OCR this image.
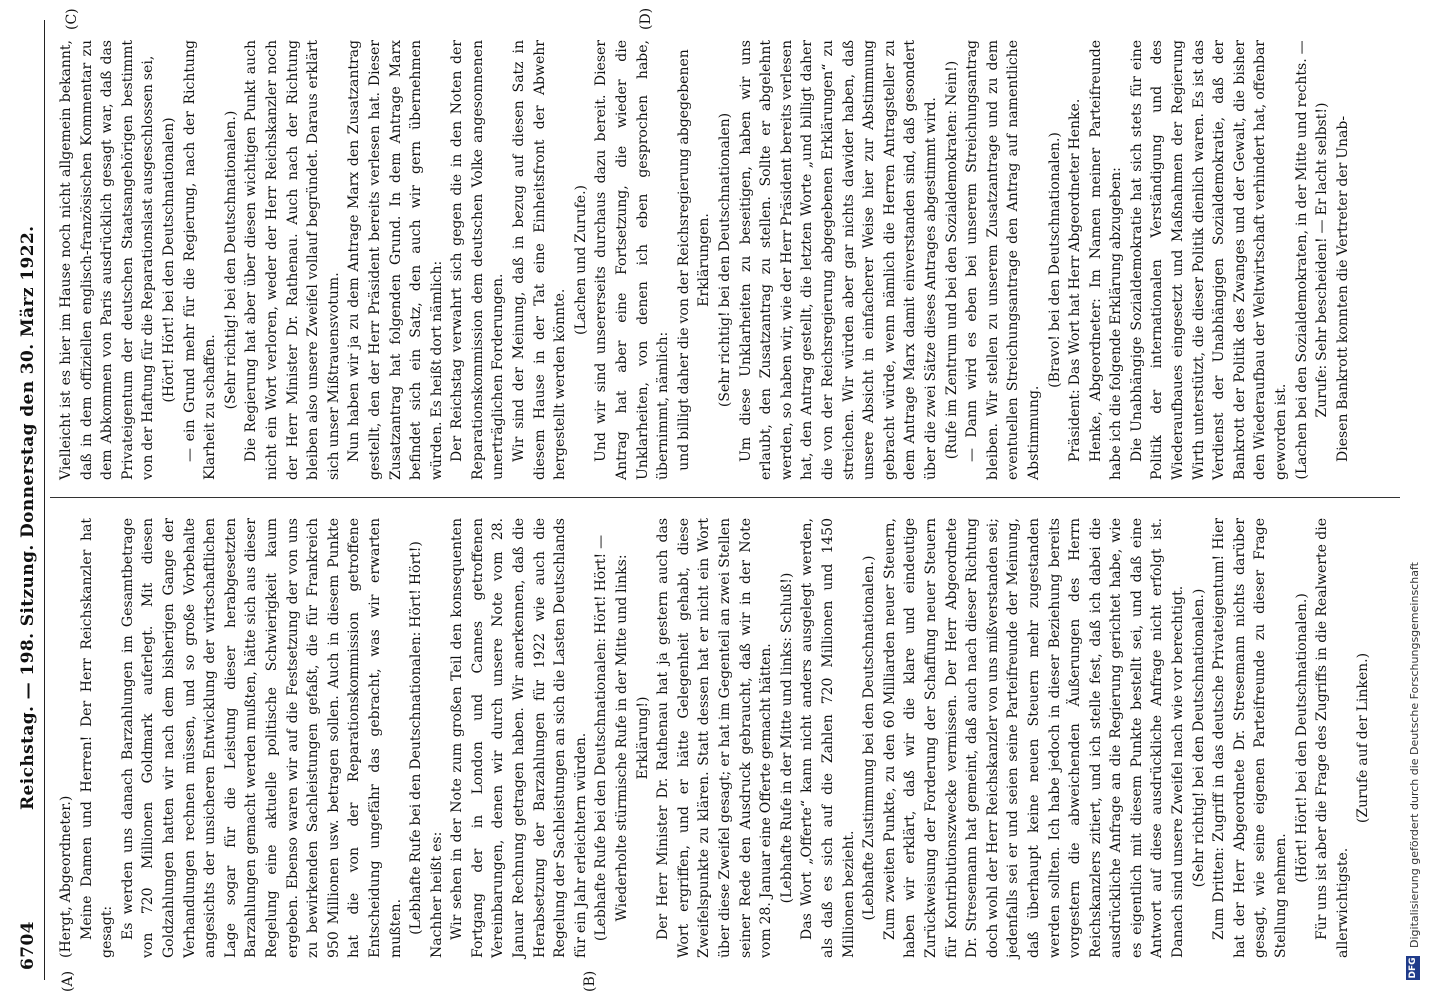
6704
Reichstag. — 198. Sitzung. Donnerstag den 30. März 1922.
(A)	(B)
(C)	(D)

(Hergt, Abgeordneter.) Meine Damen und Herren! Der Herr Reichskanzler hat gesagt: Es werden uns danach Barzahlungen im Gesamtbetrage von 720 Millionen Goldmark auferlegt. Mit diesen Goldzahlungen hatten wir nach dem bisherigen Gange der Verhandlungen rechnen müssen, und so große Vorbehalte angesichts der unsicheren Entwicklung der wirtschaftlichen Lage sogar für die Leistung dieser herabgesetzten Barzahlungen gemacht werden mußten, hätte sich aus dieser Regelung eine aktuelle politische Schwierigkeit kaum ergeben. Ebenso waren wir auf die Festsetzung der von uns zu bewirkenden Sachleistungen gefaßt, die für Frankreich 950 Millionen usw. betragen sollen. Auch in diesem Punkte hat die von der Reparationskommission getroffene Entscheidung ungefähr das gebracht, was wir erwarten mußten. (Lebhafte Rufe bei den Deutschnationalen: Hört! Hört!) Nachher heißt es: Wir sehen in der Note zum großen Teil den konsequenten Fortgang der in London und Cannes getroffenen Vereinbarungen, denen wir durch unsere Note vom 28. Januar Rechnung getragen haben. Wir anerkennen, daß die Herabsetzung der Barzahlungen für 1922 wie auch die Regelung der Sachleistungen an sich die Lasten Deutschlands für ein Jahr erleichtern würden. (Lebhafte Rufe bei den Deutschnationalen: Hört! Hört! — Wiederholte stürmische Rufe in der Mitte und links: Erklärung!) Der Herr Minister Dr. Rathenau hat ja gestern auch das Wort ergriffen, und er hätte Gelegenheit gehabt, diese Zweifelspunkte zu klären. Statt dessen hat er nicht ein Wort über diese Zweifel gesagt; er hat im Gegenteil an zwei Stellen seiner Rede den Ausdruck gebraucht, daß wir in der Note vom 28. Januar eine Offerte gemacht hätten. (Lebhafte Rufe in der Mitte und links: Schluß!) Das Wort „Offerte“ kann nicht anders ausgelegt werden, als daß es sich auf die Zahlen 720 Millionen und 1450 Millionen bezieht. (Lebhafte Zustimmung bei den Deutschnationalen.) Zum zweiten Punkte, zu den 60 Milliarden neuer Steuern, haben wir erklärt, daß wir die klare und eindeutige Zurückweisung der Forderung der Schaffung neuer Steuern für Kontributionszwecke vermissen. Der Herr Abgeordnete Dr. Stresemann hat gemeint, daß auch nach dieser Richtung doch wohl der Herr Reichskanzler von uns mißverstanden sei; jedenfalls sei er und seien seine Parteifreunde der Meinung, daß überhaupt keine neuen Steuern mehr zugestanden werden sollten. Ich habe jedoch in dieser Beziehung bereits vorgestern die abweichenden Äußerungen des Herrn Reichskanzlers zitiert, und ich stelle fest, daß ich dabei die ausdrückliche Anfrage an die Regierung gerichtet habe, wie es eigentlich mit diesem Punkte bestellt sei, und daß eine Antwort auf diese ausdrückliche Anfrage nicht erfolgt ist. Danach sind unsere Zweifel nach wie vor berechtigt. (Sehr richtig! bei den Deutschnationalen.) Zum Dritten: Zugriff in das deutsche Privateigentum! Hier hat der Herr Abgeordnete Dr. Stresemann nichts darüber gesagt, wie seine eigenen Parteifreunde zu dieser Frage Stellung nehmen.

(Hört! Hört! bei den Deutschnationalen.) Für uns ist aber die Frage des Zugriffs in die Realwerte die allerwichtigste.

(Zurufe auf der Linken.)

Vielleicht ist es hier im Hause noch nicht allgemein bekannt, daß in dem offiziellen englisch-französischen Kommentar zu dem Abkommen von Paris ausdrücklich gesagt war, daß das Privateigentum der deutschen Staatsangehörigen bestimmt von der Haftung für die Reparationslast ausgeschlossen sei, (Hört! Hört! bei den Deutschnationalen) — ein Grund mehr für die Regierung, nach der Richtung Klarheit zu schaffen. (Sehr richtig! bei den Deutschnationalen.) Die Regierung hat aber über diesen wichtigen Punkt auch nicht ein Wort verloren, weder der Herr Reichskanzler noch der Herr Minister Dr. Rathenau. Auch nach der Richtung bleiben also unsere Zweifel vollauf begründet. Daraus erklärt sich unser Mißtrauensvotum. Nun haben wir ja zu dem Antrage Marx den Zusatzantrag gestellt, den der Herr Präsident bereits verlesen hat. Dieser Zusatzantrag hat folgenden Grund. In dem Antrage Marx befindet sich ein Satz, den auch wir gern übernehmen würden. Es heißt dort nämlich: Der Reichstag verwahrt sich gegen die in den Noten der Reparationskommission dem deutschen Volke angesonnenen unerträglichen Forderungen. Wir sind der Meinung, daß in bezug auf diesen Satz in diesem Hause in der Tat eine Einheitsfront der Abwehr hergestellt werden könnte.

(Lachen und Zurufe.) Und wir sind unsererseits durchaus dazu bereit. Dieser Antrag hat aber eine Fortsetzung, die wieder die Unklarheiten, von denen ich eben gesprochen habe, übernimmt, nämlich: und billigt daher die von der Reichsregierung abgegebenen Erklärungen. (Sehr richtig! bei den Deutschnationalen) Um diese Unklarheiten zu beseitigen, haben wir uns erlaubt, den Zusatzantrag zu stellen. Sollte er abgelehnt werden, so haben wir, wie der Herr Präsident bereits verlesen hat, den Antrag gestellt, die letzten Worte „und billigt daher die von der Reichsregierung abgegebenen Erklärungen“ zu streichen. Wir würden aber gar nichts dawider haben, daß unsere Absicht in einfacherer Weise hier zur Abstimmung gebracht würde, wenn nämlich die Herren Antragsteller zu dem Antrage Marx damit einverstanden sind, daß gesondert über die zwei Sätze dieses Antrages abgestimmt wird. (Rufe im Zentrum und bei den Sozialdemokraten: Nein!) — Dann wird es eben bei unserem Streichungsantrag bleiben. Wir stellen zu unserem Zusatzantrage und zu dem eventuellen Streichungsantrage den Antrag auf namentliche Abstimmung.

(Bravo! bei den Deutschnationalen.) Präsident: Das Wort hat Herr Abgeordneter Henke. Henke, Abgeordneter: Im Namen meiner Parteifreunde habe ich die folgende Erklärung abzugeben: Die Unabhängige Sozialdemokratie hat sich stets für eine Politik der internationalen Verständigung und des Wiederaufbaues eingesetzt und Maßnahmen der Regierung Wirth unterstützt, die dieser Politik dienlich waren. Es ist das Verdienst der Unabhängigen Sozialdemokratie, daß der Bankrott der Politik des Zwanges und der Gewalt, die bisher den Wiederaufbau der Weltwirtschaft verhindert hat, offenbar geworden ist. (Lachen bei den Sozialdemokraten, in der Mitte und rechts. — Zurufe: Sehr bescheiden! — Er lacht selbst!) Diesen Bankrott konnten die Vertreter der Unab-

DFG
Digitalisierung gefördert durch die Deutsche Forschungsgemeinschaft
